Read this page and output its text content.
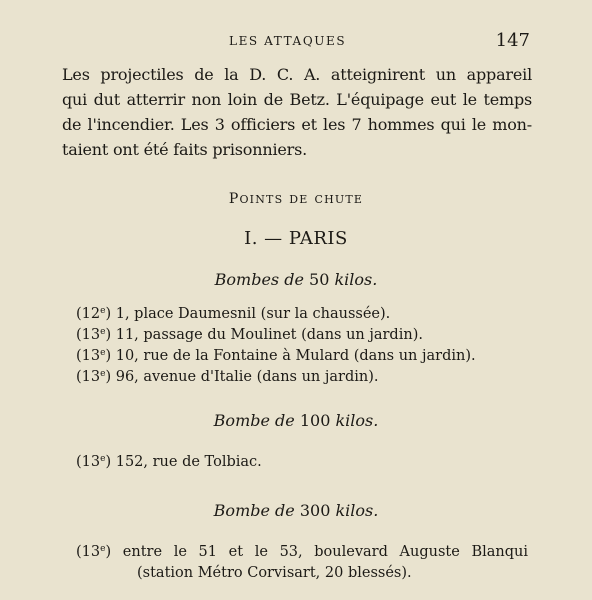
LES ATTAQUES	147
Les projectiles de la D. C. A. atteignirent un appareil
qui dut atterrir non loin de Betz. L'équipage eut le temps
de l'incendier. Les 3 officiers et les 7 hommes qui le mon-

taient ont été faits prisonniers.
Points de chute
I. — PARIS
Bombes de 50 kilos.
(12e) 1, place Daumesnil (sur la chaussée).
(13e) 11, passage du Moulinet (dans un jardin).
(13e) 10, rue de la Fontaine à Mulard (dans un jardin).
(13e) 96, avenue d'Italie (dans un jardin).
Bombe de 100 kilos.
(13e) 152, rue de Tolbiac.
Bombe de 300 kilos.
(13e) entre le 51 et le 53, boulevard Auguste Blanqui
(station Métro Corvisart, 20 blessés).
